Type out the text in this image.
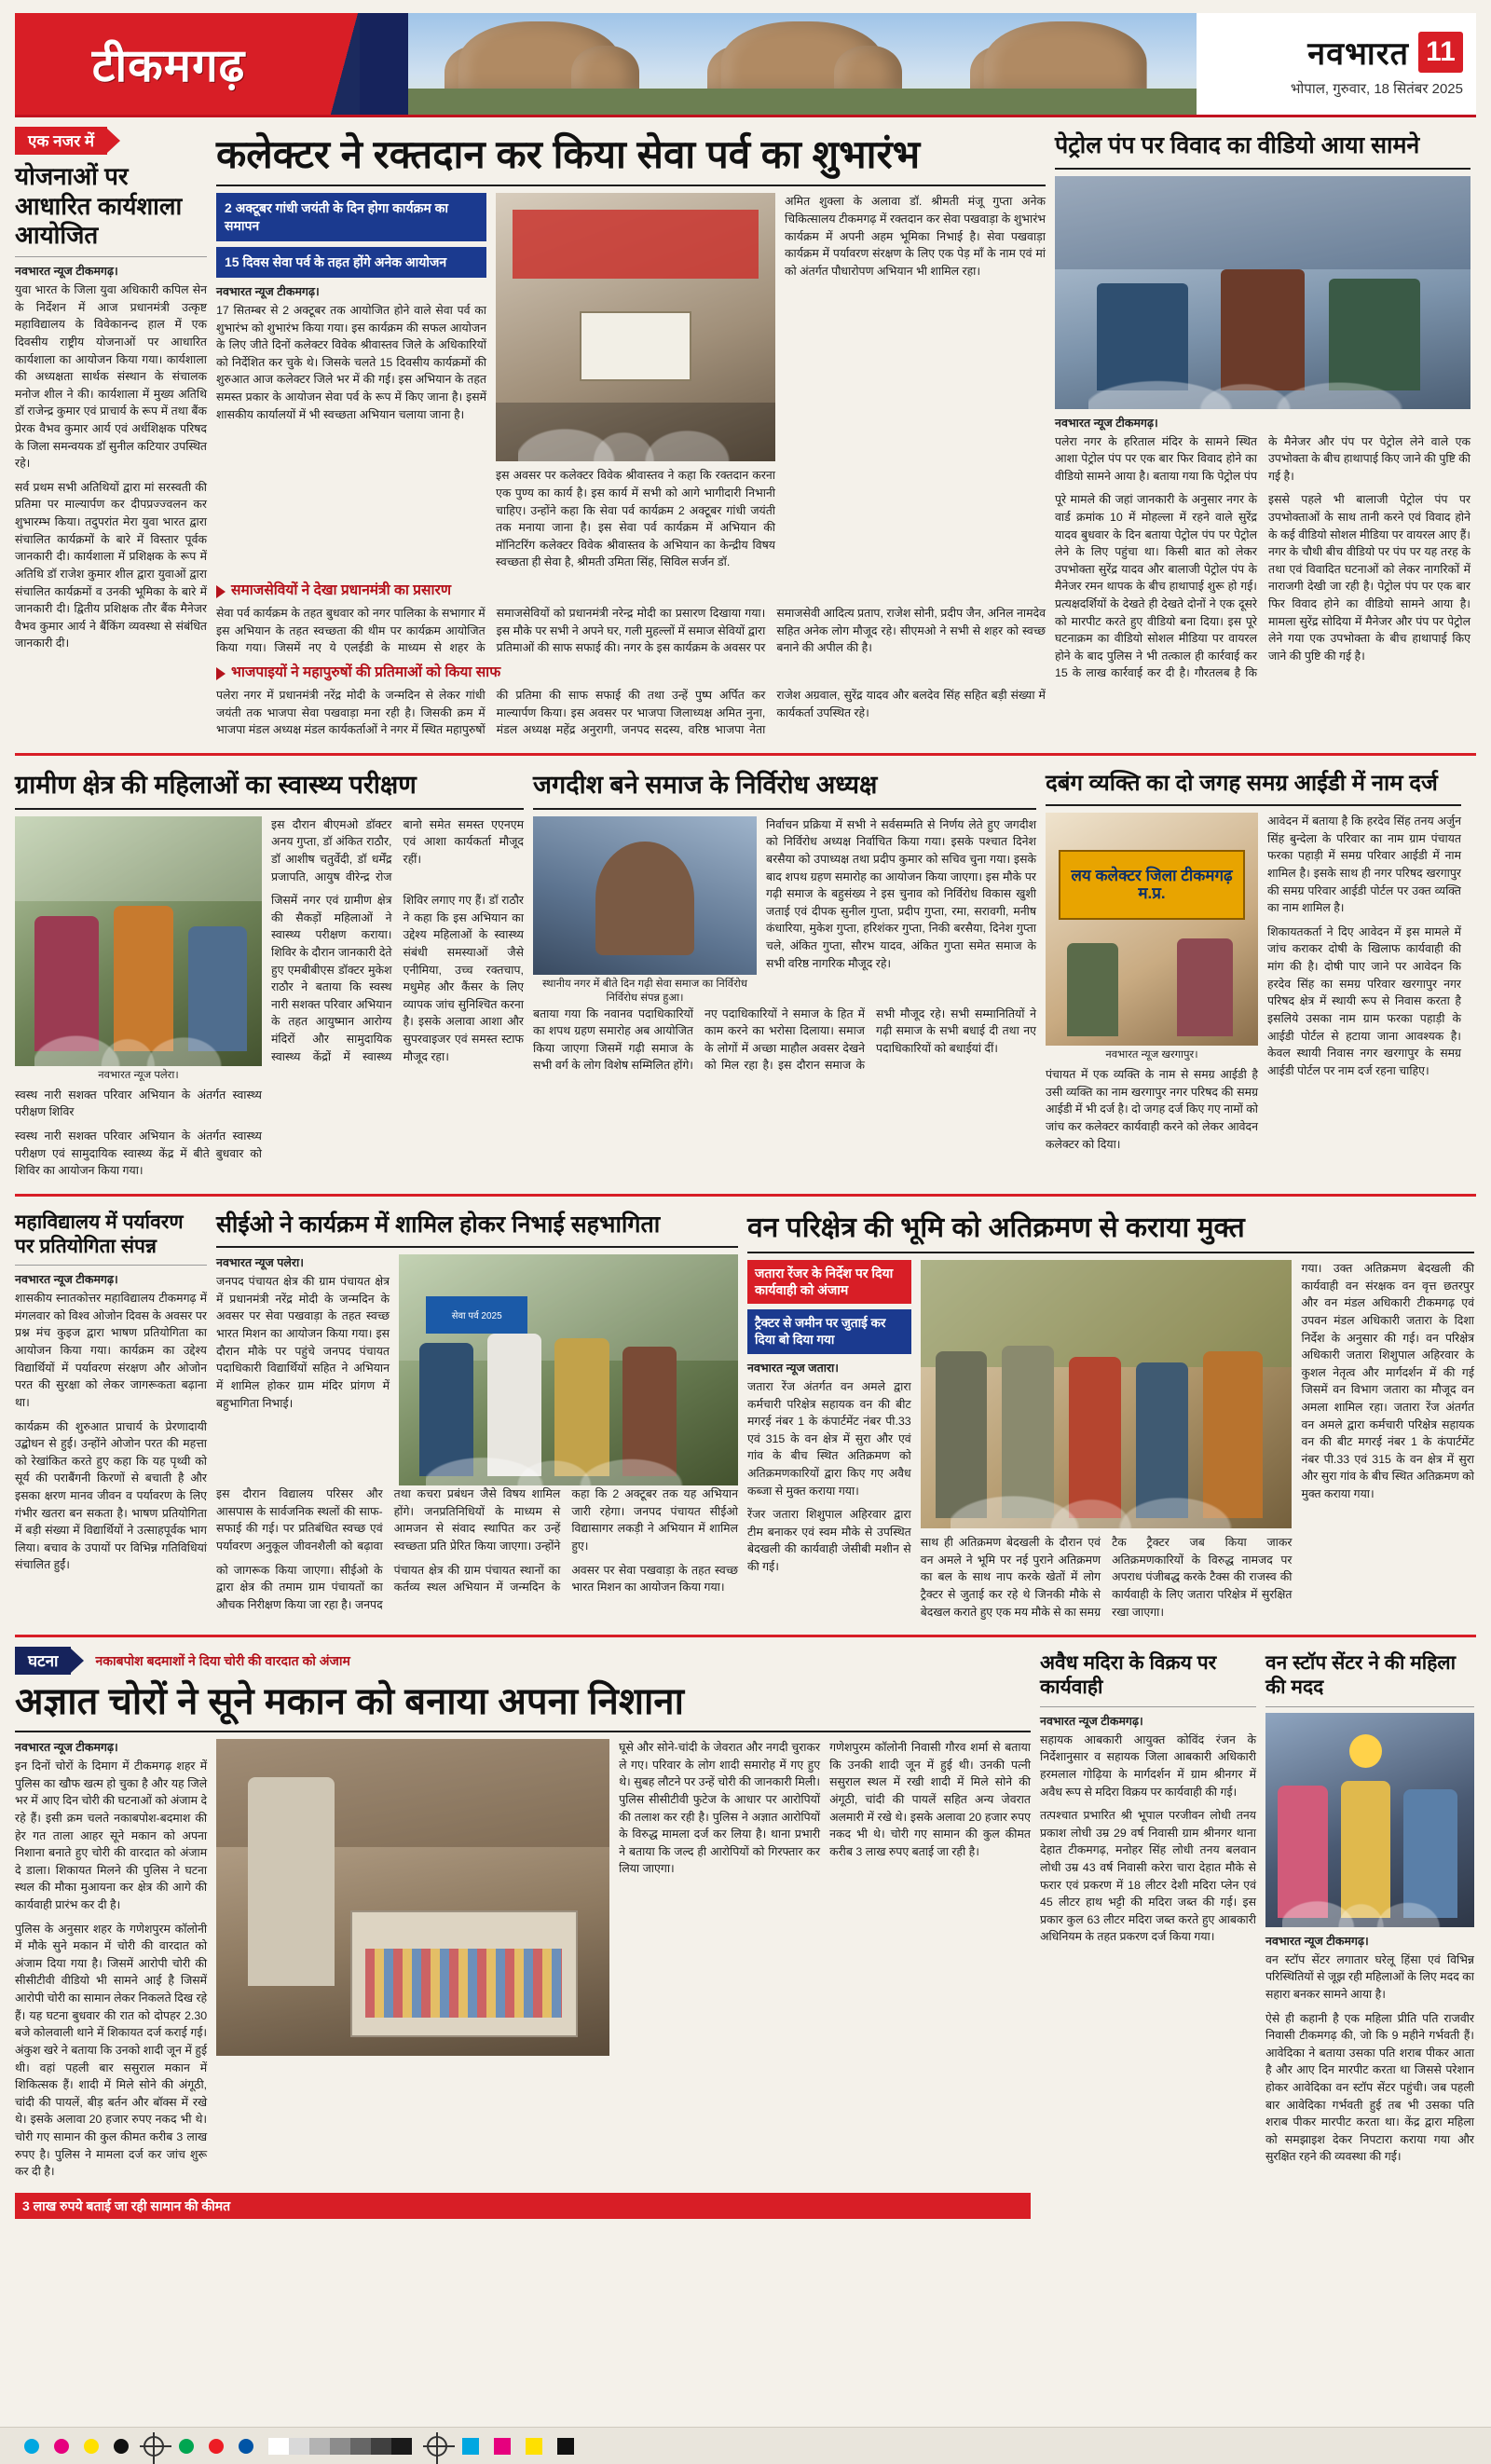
टीकमगढ़	नवभारत 11
भोपाल, गुरुवार, 18 सितंबर 2025
एक नजर में
योजनाओं पर आधारित कार्यशाला आयोजित
नवभारत न्यूज टीकमगढ़।

युवा भारत के जिला युवा अधिकारी कपिल सेन के निर्देशन में आज प्रधानमंत्री उत्कृष्ट महाविद्यालय के विवेकानन्द हाल में एक दिवसीय राष्ट्रीय योजनाओं पर आधारित कार्यशाला का आयोजन किया गया। कार्यशाला की अध्यक्षता सार्थक संस्थान के संचालक मनोज शील ने की। कार्यशाला में मुख्य अतिथि डॉ राजेन्द्र कुमार एवं प्राचार्य के रूप में तथा बैंक प्रेरक वैभव कुमार आर्य एवं अर्धशिक्षक परिषद के जिला समन्वयक डॉ सुनील कटियार उपस्थित रहे।

सर्व प्रथम सभी अतिथियों द्वारा मां सरस्वती की प्रतिमा पर माल्यार्पण कर दीपप्रज्ज्वलन कर शुभारम्भ किया। तदुपरांत मेरा युवा भारत द्वारा संचालित कार्यक्रमों के बारे में विस्तार पूर्वक जानकारी दी। कार्यशाला में प्रशिक्षक के रूप में अतिथि डॉ राजेश कुमार शील द्वारा युवाओं द्वारा संचालित कार्यक्रमों व उनकी भूमिका के बारे में जानकारी दी। द्वितीय प्रशिक्षक तौर बैंक मैनेजर वैभव कुमार आर्य ने बैंकिंग व्यवस्था से संबंधित जानकारी दी।

कलेक्टर ने रक्तदान कर किया सेवा पर्व का शुभारंभ
2 अक्टूबर गांधी जयंती के दिन होगा कार्यक्रम का समापन
15 दिवस सेवा पर्व के तहत होंगे अनेक आयोजन
नवभारत न्यूज टीकमगढ़।

17 सितम्बर से 2 अक्टूबर तक आयोजित होने वाले सेवा पर्व का शुभारंभ को शुभारंभ किया गया। इस कार्यक्रम की सफल आयोजन के लिए जीते दिनों कलेक्टर विवेक श्रीवास्तव जिले के अधिकारियों को निर्देशित कर चुके थे। जिसके चलते 15 दिवसीय कार्यक्रमों की शुरुआत आज कलेक्टर जिले भर में की गई। इस अभियान के तहत समस्त प्रकार के आयोजन सेवा पर्व के रूप में किए जाना है। इसमें शासकीय कार्यालयों में भी स्वच्छता अभियान चलाया जाना है।

इस अवसर पर कलेक्टर विवेक श्रीवास्तव ने कहा कि रक्तदान करना एक पुण्य का कार्य है। इस कार्य में सभी को आगे भागीदारी निभानी चाहिए। उन्होंने कहा कि सेवा पर्व कार्यक्रम 2 अक्टूबर गांधी जयंती तक मनाया जाना है। इस सेवा पर्व कार्यक्रम में अभियान की मॉनिटरिंग कलेक्टर विवेक श्रीवास्तव के अभियान का केन्द्रीय विषय स्वच्छता ही सेवा है, श्रीमती उमिता सिंह, सिविल सर्जन डॉ.

अमित शुक्ला के अलावा डॉ. श्रीमती मंजू गुप्ता अनेक चिकित्सालय टीकमगढ़ में रक्तदान कर सेवा पखवाड़ा के शुभारंभ कार्यक्रम में अपनी अहम भूमिका निभाई है। सेवा पखवाड़ा कार्यक्रम में पर्यावरण संरक्षण के लिए एक पेड़ माँ के नाम एवं मां को अंतर्गत पौधारोपण अभियान भी शामिल रहा।

समाजसेवियों ने देखा प्रधानमंत्री का प्रसारण

सेवा पर्व कार्यक्रम के तहत बुधवार को नगर पालिका के सभागार में इस अभियान के तहत स्वच्छता की थीम पर कार्यक्रम आयोजित किया गया। जिसमें नए ये एलईडी के माध्यम से शहर के समाजसेवियों को प्रधानमंत्री नरेन्द्र मोदी का प्रसारण दिखाया गया। इस मौके पर सभी ने अपने घर, गली मुहल्लों में समाज सेवियों द्वारा प्रतिमाओं की साफ सफाई की। नगर के इस कार्यक्रम के अवसर पर समाजसेवी आदित्य प्रताप, राजेश सोनी, प्रदीप जैन, अनिल नामदेव सहित अनेक लोग मौजूद रहे। सीएमओ ने सभी से शहर को स्वच्छ बनाने की अपील की है।

भाजपाइयों ने महापुरुषों की प्रतिमाओं को किया साफ

पलेरा नगर में प्रधानमंत्री नरेंद्र मोदी के जन्मदिन से लेकर गांधी जयंती तक भाजपा सेवा पखवाड़ा मना रही है। जिसकी क्रम में भाजपा मंडल अध्यक्ष मंडल कार्यकर्ताओं ने नगर में स्थित महापुरुषों की प्रतिमा की साफ सफाई की तथा उन्हें पुष्प अर्पित कर माल्यार्पण किया। इस अवसर पर भाजपा जिलाध्यक्ष अमित नुना, मंडल अध्यक्ष महेंद्र अनुरागी, जनपद सदस्य, वरिष्ठ भाजपा नेता राजेश अग्रवाल, सुरेंद्र यादव और बलदेव सिंह सहित बड़ी संख्या में कार्यकर्ता उपस्थित रहे।

पेट्रोल पंप पर विवाद का वीडियो आया सामने
नवभारत न्यूज टीकमगढ़।

पलेरा नगर के हरिताल मंदिर के सामने स्थित आशा पेट्रोल पंप पर एक बार फिर विवाद होने का वीडियो सामने आया है। बताया गया कि पेट्रोल पंप के मैनेजर और पंप पर पेट्रोल लेने वाले एक उपभोक्ता के बीच हाथापाई किए जाने की पुष्टि की गई है।

पूरे मामले की जहां जानकारी के अनुसार नगर के वार्ड क्रमांक 10 में मोहल्ला में रहने वाले सुरेंद्र यादव बुधवार के दिन बताया पेट्रोल पंप पर पेट्रोल लेने के लिए पहुंचा था। किसी बात को लेकर उपभोक्ता सुरेंद्र यादव और बालाजी पेट्रोल पंप के मैनेजर रमन थापक के बीच हाथापाई शुरू हो गई। प्रत्यक्षदर्शियों के देखते ही देखते दोनों ने एक दूसरे को मारपीट करते हुए वीडियो बना दिया। इस पूरे घटनाक्रम का वीडियो सोशल मीडिया पर वायरल होने के बाद पुलिस ने भी तत्काल ही कार्रवाई कर 15 के लाख कार्रवाई कर दी है। गौरतलब है कि इससे पहले भी बालाजी पेट्रोल पंप पर उपभोक्ताओं के साथ तानी करने एवं विवाद होने के कई वीडियो सोशल मीडिया पर वायरल आए हैं। नगर के चौथी बीच वीडियो पर पंप पर यह तरह के तथा एवं विवादित घटनाओं को लेकर नागरिकों में नाराजगी देखी जा रही है। पेट्रोल पंप पर एक बार फिर विवाद होने का वीडियो सामने आया है। मामला सुरेंद्र सोदिया में मैनेजर और पंप पर पेट्रोल लेने गया एक उपभोक्ता के बीच हाथापाई किए जाने की पुष्टि की गई है।

ग्रामीण क्षेत्र की महिलाओं का स्वास्थ्य परीक्षण
नवभारत न्यूज पलेरा।

स्वस्थ नारी सशक्त परिवार अभियान के अंतर्गत स्वास्थ्य परीक्षण शिविर

स्वस्थ नारी सशक्त परिवार अभियान के अंतर्गत स्वास्थ्य परीक्षण एवं सामुदायिक स्वास्थ्य केंद्र में बीते बुधवार को शिविर का आयोजन किया गया।

इस दौरान बीएमओ डॉक्टर अनय गुप्ता, डॉ अंकित राठौर, डॉ आशीष चतुर्वेदी, डॉ धर्मेंद्र प्रजापति, आयुष वीरेन्द्र रोज बानो समेत समस्त एएनएम एवं आशा कार्यकर्ता मौजूद रहीं।

जिसमें नगर एवं ग्रामीण क्षेत्र की सैकड़ों महिलाओं ने स्वास्थ्य परीक्षण कराया। शिविर के दौरान जानकारी देते हुए एमबीबीएस डॉक्टर मुकेश राठौर ने बताया कि स्वस्थ नारी सशक्त परिवार अभियान के तहत आयुष्मान आरोग्य मंदिरों और सामुदायिक स्वास्थ्य केंद्रों में स्वास्थ्य शिविर लगाए गए हैं। डॉ राठौर ने कहा कि इस अभियान का उद्देश्य महिलाओं के स्वास्थ्य संबंधी समस्याओं जैसे एनीमिया, उच्च रक्तचाप, मधुमेह और कैंसर के लिए व्यापक जांच सुनिश्चित करना है। इसके अलावा आशा और सुपरवाइजर एवं समस्त स्टाफ मौजूद रहा।

जगदीश बने समाज के निर्विरोध अध्यक्ष
स्थानीय नगर में बीते दिन गढ़ी सेवा समाज का निर्विरोध निर्विरोध संपन्न हुआ।

निर्वाचन प्रक्रिया में सभी ने सर्वसम्मति से निर्णय लेते हुए जगदीश को निर्विरोध अध्यक्ष निर्वाचित किया गया। इसके पश्चात दिनेश बरसैया को उपाध्यक्ष तथा प्रदीप कुमार को सचिव चुना गया। इसके बाद शपथ ग्रहण समारोह का आयोजन किया जाएगा। इस मौके पर गढ़ी समाज के बहुसंख्य ने इस चुनाव को निर्विरोध विकास खुशी जताई एवं दीपक सुनील गुप्ता, प्रदीप गुप्ता, रमा, सरावगी, मनीष कंधारिया, मुकेश गुप्ता, हरिशंकर गुप्ता, निकी बरसैया, दिनेश गुप्ता चले, अंकित गुप्ता, सौरभ यादव, अंकित गुप्ता समेत समाज के सभी वरिष्ठ नागरिक मौजूद रहे।

बताया गया कि नवानव पदाधिकारियों का शपथ ग्रहण समारोह अब आयोजित किया जाएगा जिसमें गढ़ी समाज के सभी वर्ग के लोग विशेष सम्मिलित होंगे। नए पदाधिकारियों ने समाज के हित में काम करने का भरोसा दिलाया। समाज के लोगों में अच्छा माहौल अवसर देखने को मिल रहा है। इस दौरान समाज के सभी मौजूद रहे। सभी सम्मानितियों ने गढ़ी समाज के सभी बधाई दी तथा नए पदाधिकारियों को बधाईयां दीं।

दबंग व्यक्ति का दो जगह समग्र आईडी में नाम दर्ज
लय कलेक्टर जिला टीकमगढ़ म.प्र.
नवभारत न्यूज खरगापुर।

पंचायत में एक व्यक्ति के नाम से समग्र आईडी है उसी व्यक्ति का नाम खरगापुर नगर परिषद की समग्र आईडी में भी दर्ज है। दो जगह दर्ज किए गए नामों को जांच कर कलेक्टर कार्यवाही करने को लेकर आवेदन कलेक्टर को दिया।

आवेदन में बताया है कि हरदेव सिंह तनय अर्जुन सिंह बुन्देला के परिवार का नाम ग्राम पंचायत फरका पहाड़ी में समग्र परिवार आईडी में नाम शामिल है। इसके साथ ही नगर परिषद खरगापुर की समग्र परिवार आईडी पोर्टल पर उक्त व्यक्ति का नाम शामिल है।

शिकायतकर्ता ने दिए आवेदन में इस मामले में जांच कराकर दोषी के खिलाफ कार्यवाही की मांग की है। दोषी पाए जाने पर आवेदन कि हरदेव सिंह का समग्र परिवार खरगापुर नगर परिषद क्षेत्र में स्थायी रूप से निवास करता है इसलिये उसका नाम ग्राम फरका पहाड़ी के आईडी पोर्टल से हटाया जाना आवश्यक है। केवल स्थायी निवास नगर खरगापुर के समग्र आईडी पोर्टल पर नाम दर्ज रहना चाहिए।

महाविद्यालय में पर्यावरण पर प्रतियोगिता संपन्न
नवभारत न्यूज टीकमगढ़।

शासकीय स्नातकोत्तर महाविद्यालय टीकमगढ़ में मंगलवार को विश्व ओजोन दिवस के अवसर पर प्रश्न मंच कुइज द्वारा भाषण प्रतियोगिता का आयोजन किया गया। कार्यक्रम का उद्देश्य विद्यार्थियों में पर्यावरण संरक्षण और ओजोन परत की सुरक्षा को लेकर जागरूकता बढ़ाना था।

कार्यक्रम की शुरुआत प्राचार्य के प्रेरणादायी उद्बोधन से हुई। उन्होंने ओजोन परत की महत्ता को रेखांकित करते हुए कहा कि यह पृथ्वी को सूर्य की पराबैंगनी किरणों से बचाती है और इसका क्षरण मानव जीवन व पर्यावरण के लिए गंभीर खतरा बन सकता है। भाषण प्रतियोगिता में बड़ी संख्या में विद्यार्थियों ने उत्साहपूर्वक भाग लिया। बचाव के उपायों पर विभिन्न गतिविधियां संचालित हुईं।

सीईओ ने कार्यक्रम में शामिल होकर निभाई सहभागिता
नवभारत न्यूज पलेरा।

जनपद पंचायत क्षेत्र की ग्राम पंचायत क्षेत्र में प्रधानमंत्री नरेंद्र मोदी के जन्मदिन के अवसर पर सेवा पखवाड़ा के तहत स्वच्छ भारत मिशन का आयोजन किया गया। इस दौरान मौके पर पहुंचे जनपद पंचायत पदाधिकारी विद्यार्थियों सहित ने अभियान में शामिल होकर ग्राम मंदिर प्रांगण में बहुभागिता निभाई।

सेवा पर्व 2025

इस दौरान विद्यालय परिसर और आसपास के सार्वजनिक स्थलों की साफ-सफाई की गई। पर प्रतिबंधित स्वच्छ एवं पर्यावरण अनुकूल जीवनशैली को बढ़ावा तथा कचरा प्रबंधन जैसे विषय शामिल होंगे। जनप्रतिनिधियों के माध्यम से आमजन से संवाद स्थापित कर उन्हें स्वच्छता प्रति प्रेरित किया जाएगा। उन्होंने कहा कि 2 अक्टूबर तक यह अभियान जारी रहेगा। जनपद पंचायत सीईओ विद्यासागर लकड़ी ने अभियान में शामिल हुए।

को जागरूक किया जाएगा। सीईओ के द्वारा क्षेत्र की तमाम ग्राम पंचायतों का औचक निरीक्षण किया जा रहा है। जनपद पंचायत क्षेत्र की ग्राम पंचायत स्थानों का कर्तव्य स्थल अभियान में जन्मदिन के अवसर पर सेवा पखवाड़ा के तहत स्वच्छ भारत मिशन का आयोजन किया गया।

वन परिक्षेत्र की भूमि को अतिक्रमण से कराया मुक्त
जतारा रेंजर के निर्देश पर दिया कार्यवाही को अंजाम
ट्रैक्टर से जमीन पर जुताई कर दिया बो दिया गया
नवभारत न्यूज जतारा।

जतारा रेंज अंतर्गत वन अमले द्वारा कर्मचारी परिक्षेत्र सहायक वन की बीट मगरई नंबर 1 के कंपार्टमेंट नंबर पी.33 एवं 315 के वन क्षेत्र में सुरा और एवं गांव के बीच स्थित अतिक्रमण को अतिक्रमणकारियों द्वारा किए गए अवैध कब्जा से मुक्त कराया गया।

रेंजर जतारा शिशुपाल अहिरवार द्वारा टीम बनाकर एवं स्वम मौके से उपस्थित बेदखली की कार्यवाही जेसीबी मशीन से की गई।

साथ ही अतिक्रमण बेदखली के दौरान एवं वन अमले ने भूमि पर नई पुराने अतिक्रमण का बल के साथ नाप करके खेतों में लोग ट्रैक्टर से जुताई कर रहे थे जिनकी मौके से बेदखल कराते हुए एक मय मौके से का समग्र टैक ट्रैक्टर जब किया जाकर अतिक्रमणकारियों के विरुद्ध नामजद पर अपराध पंजीबद्ध करके टैक्स की राजस्व की कार्यवाही के लिए जतारा परिक्षेत्र में सुरक्षित रखा जाएगा।

गया। उक्त अतिक्रमण बेदखली की कार्यवाही वन संरक्षक वन वृत्त छतरपुर और वन मंडल अधिकारी टीकमगढ़ एवं उपवन मंडल अधिकारी जतारा के दिशा निर्देश के अनुसार की गई। वन परिक्षेत्र अधिकारी जतारा शिशुपाल अहिरवार के कुशल नेतृत्व और मार्गदर्शन में की गई जिसमें वन विभाग जतारा का मौजूद वन अमला शामिल रहा। जतारा रेंज अंतर्गत वन अमले द्वारा कर्मचारी परिक्षेत्र सहायक वन की बीट मगरई नंबर 1 के कंपार्टमेंट नंबर पी.33 एवं 315 के वन क्षेत्र में सुरा और सुरा गांव के बीच स्थित अतिक्रमण को मुक्त कराया गया।

घटना	नकाबपोश बदमाशों ने दिया चोरी की वारदात को अंजाम
अज्ञात चोरों ने सूने मकान को बनाया अपना निशाना
नवभारत न्यूज टीकमगढ़।

इन दिनों चोरों के दिमाग में टीकमगढ़ शहर में पुलिस का खौफ खत्म हो चुका है और यह जिले भर में आए दिन चोरी की घटनाओं को अंजाम दे रहे हैं। इसी क्रम चलते नकाबपोश-बदमाश की हेर गत ताला आहर सूने मकान को अपना निशाना बनाते हुए चोरी की वारदात को अंजाम दे डाला। शिकायत मिलने की पुलिस ने घटना स्थल की मौका मुआयना कर क्षेत्र की आगे की कार्यवाही प्रारंभ कर दी है।

पुलिस के अनुसार शहर के गणेशपुरम कॉलोनी में मौके सुने मकान में चोरी की वारदात को अंजाम दिया गया है। जिसमें आरोपी चोरी की सीसीटीवी वीडियो भी सामने आई है जिसमें आरोपी चोरी का सामान लेकर निकलते दिख रहे हैं। यह घटना बुधवार की रात को दोपहर 2.30 बजे कोलवाली थाने में शिकायत दर्ज कराई गई। अंकुश खरे ने बताया कि उनको शादी जून में हुई थी। वहां पहली बार ससुराल मकान में शिकित्सक हैं। शादी में मिले सोने की अंगूठी, चांदी की पायलें, बीड़ बर्तन और बॉक्स में रखे थे। इसके अलावा 20 हजार रुपए नकद भी थे। चोरी गए सामान की कुल कीमत करीब 3 लाख रुपए है। पुलिस ने मामला दर्ज कर जांच शुरू कर दी है।

घूसे और सोने-चांदी के जेवरात और नगदी चुराकर ले गए। परिवार के लोग शादी समारोह में गए हुए थे। सुबह लौटने पर उन्हें चोरी की जानकारी मिली। पुलिस सीसीटीवी फुटेज के आधार पर आरोपियों की तलाश कर रही है। पुलिस ने अज्ञात आरोपियों के विरुद्ध मामला दर्ज कर लिया है। थाना प्रभारी ने बताया कि जल्द ही आरोपियों को गिरफ्तार कर लिया जाएगा।

गणेशपुरम कॉलोनी निवासी गौरव शर्मा से बताया कि उनकी शादी जून में हुई थी। उनकी पत्नी ससुराल स्थल में रखी शादी में मिले सोने की अंगूठी, चांदी की पायलें सहित अन्य जेवरात अलमारी में रखे थे। इसके अलावा 20 हजार रुपए नकद भी थे। चोरी गए सामान की कुल कीमत करीब 3 लाख रुपए बताई जा रही है।

3 लाख रुपये बताई जा रही सामान की कीमत
अवैध मदिरा के विक्रय पर कार्यवाही
नवभारत न्यूज टीकमगढ़।

सहायक आबकारी आयुक्त कोविंद रंजन के निर्देशानुसार व सहायक जिला आबकारी अधिकारी हरमलाल गोढ़िया के मार्गदर्शन में ग्राम श्रीनगर में अवैध रूप से मदिरा विक्रय पर कार्यवाही की गई।

तत्पश्चात प्रभारित श्री भूपाल परजीवन लोधी तनय प्रकाश लोधी उम्र 29 वर्ष निवासी ग्राम श्रीनगर थाना देहात टीकमगढ़, मनोहर सिंह लोधी तनय बलवान लोधी उम्र 43 वर्ष निवासी करेरा चारा देहात मौके से फरार एवं प्रकरण में 18 लीटर देशी मदिरा प्लेन एवं 45 लीटर हाथ भट्टी की मदिरा जब्त की गई। इस प्रकार कुल 63 लीटर मदिरा जब्त करते हुए आबकारी अधिनियम के तहत प्रकरण दर्ज किया गया।

वन स्टॉप सेंटर ने की महिला की मदद
नवभारत न्यूज टीकमगढ़।

वन स्टॉप सेंटर लगातार घरेलू हिंसा एवं विभिन्न परिस्थितियों से जूझ रही महिलाओं के लिए मदद का सहारा बनकर सामने आया है।

ऐसे ही कहानी है एक महिला प्रीति पति राजवीर निवासी टीकमगढ़ की, जो कि 9 महीने गर्भवती हैं। आवेदिका ने बताया उसका पति शराब पीकर आता है और आए दिन मारपीट करता था जिससे परेशान होकर आवेदिका वन स्टॉप सेंटर पहुंची। जब पहली बार आवेदिका गर्भवती हुई तब भी उसका पति शराब पीकर मारपीट करता था। केंद्र द्वारा महिला को समझाइश देकर निपटारा कराया गया और सुरक्षित रहने की व्यवस्था की गई।
